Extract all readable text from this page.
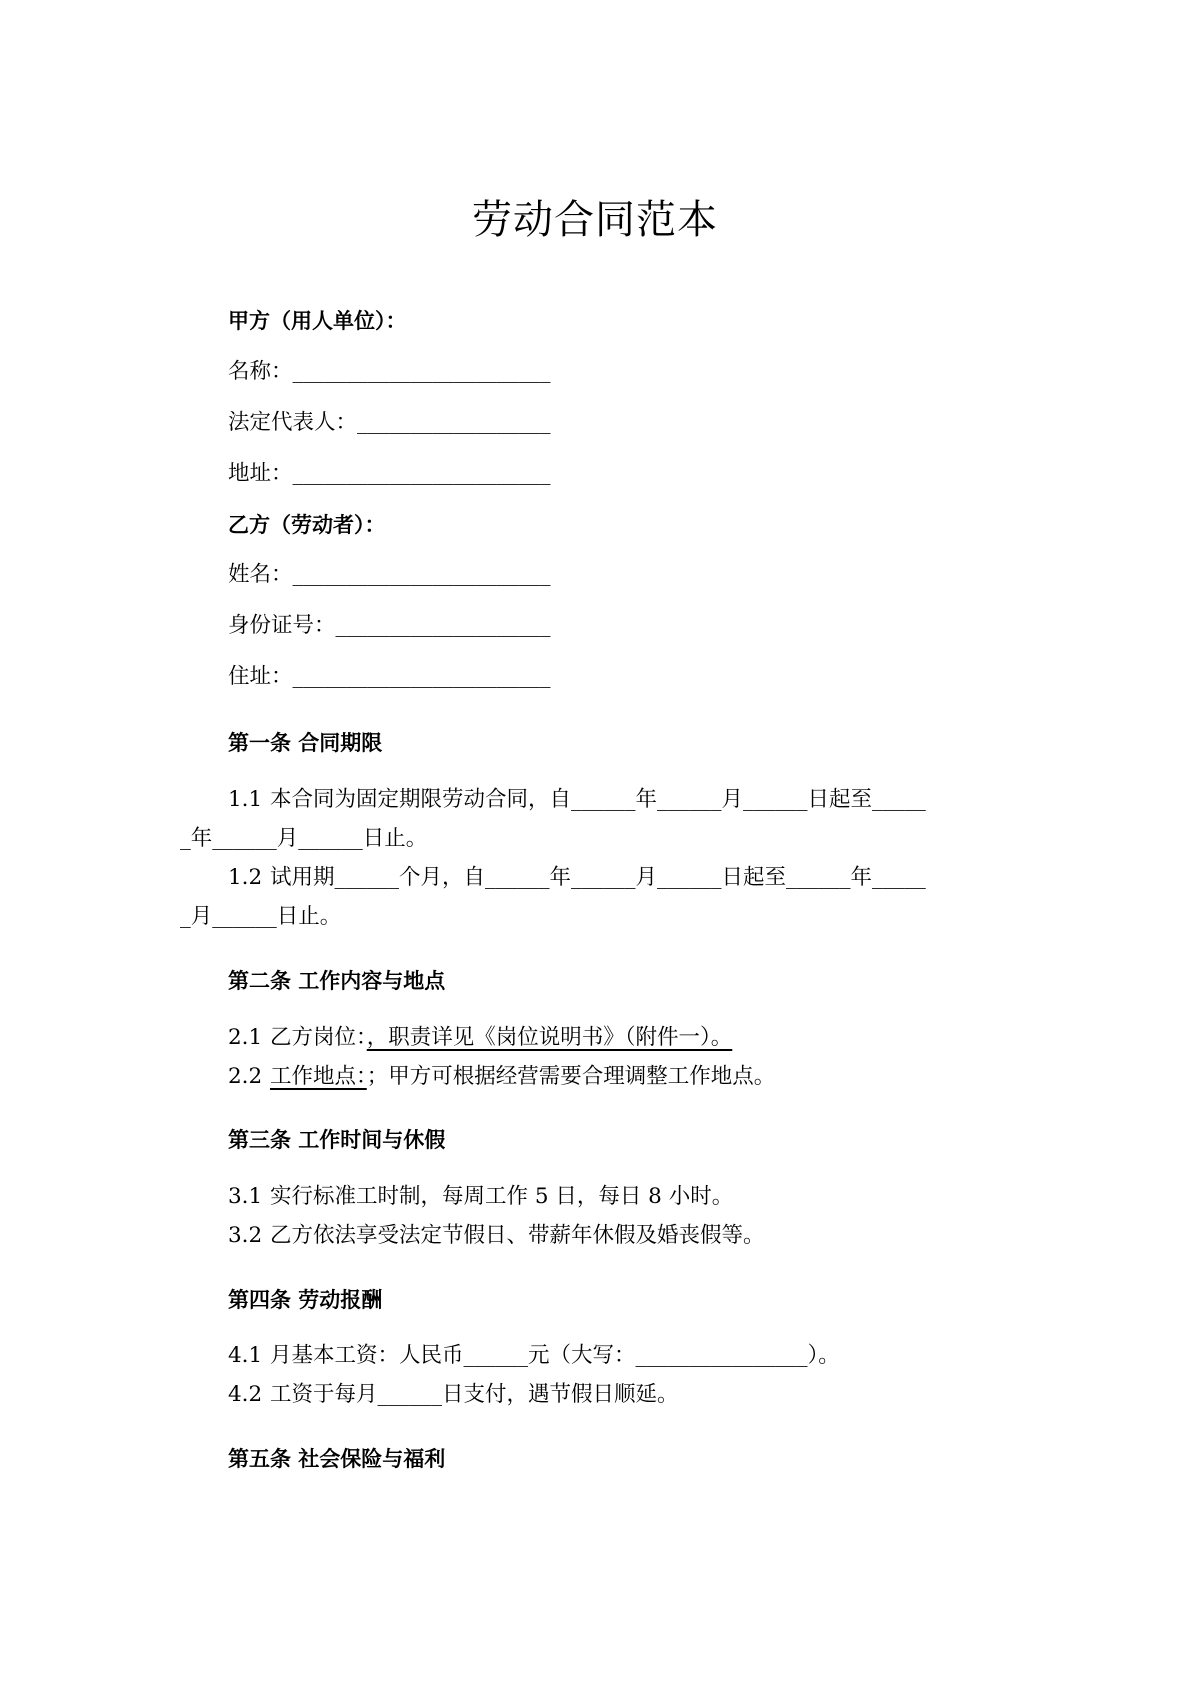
劳动合同范本
甲方（用人单位）：
名称：________________________
法定代表人：__________________
地址：________________________
乙方（劳动者）：
姓名：________________________
身份证号：____________________
住址：________________________
第一条 合同期限
1.1 本合同为固定期限劳动合同，自______年______月______日起至_____
_年______月______日止。
1.2 试用期______个月，自______年______月______日起至______年_____
_月______日止。
第二条 工作内容与地点
2.1 乙方岗位：，职责详见《岗位说明书》（附件一）。
2.2 工作地点：；甲方可根据经营需要合理调整工作地点。
第三条 工作时间与休假
3.1 实行标准工时制，每周工作 5 日，每日 8 小时。
3.2 乙方依法享受法定节假日、带薪年休假及婚丧假等。
第四条 劳动报酬
4.1 月基本工资：人民币______元（大写：________________）。
4.2 工资于每月______日支付，遇节假日顺延。
第五条 社会保险与福利
